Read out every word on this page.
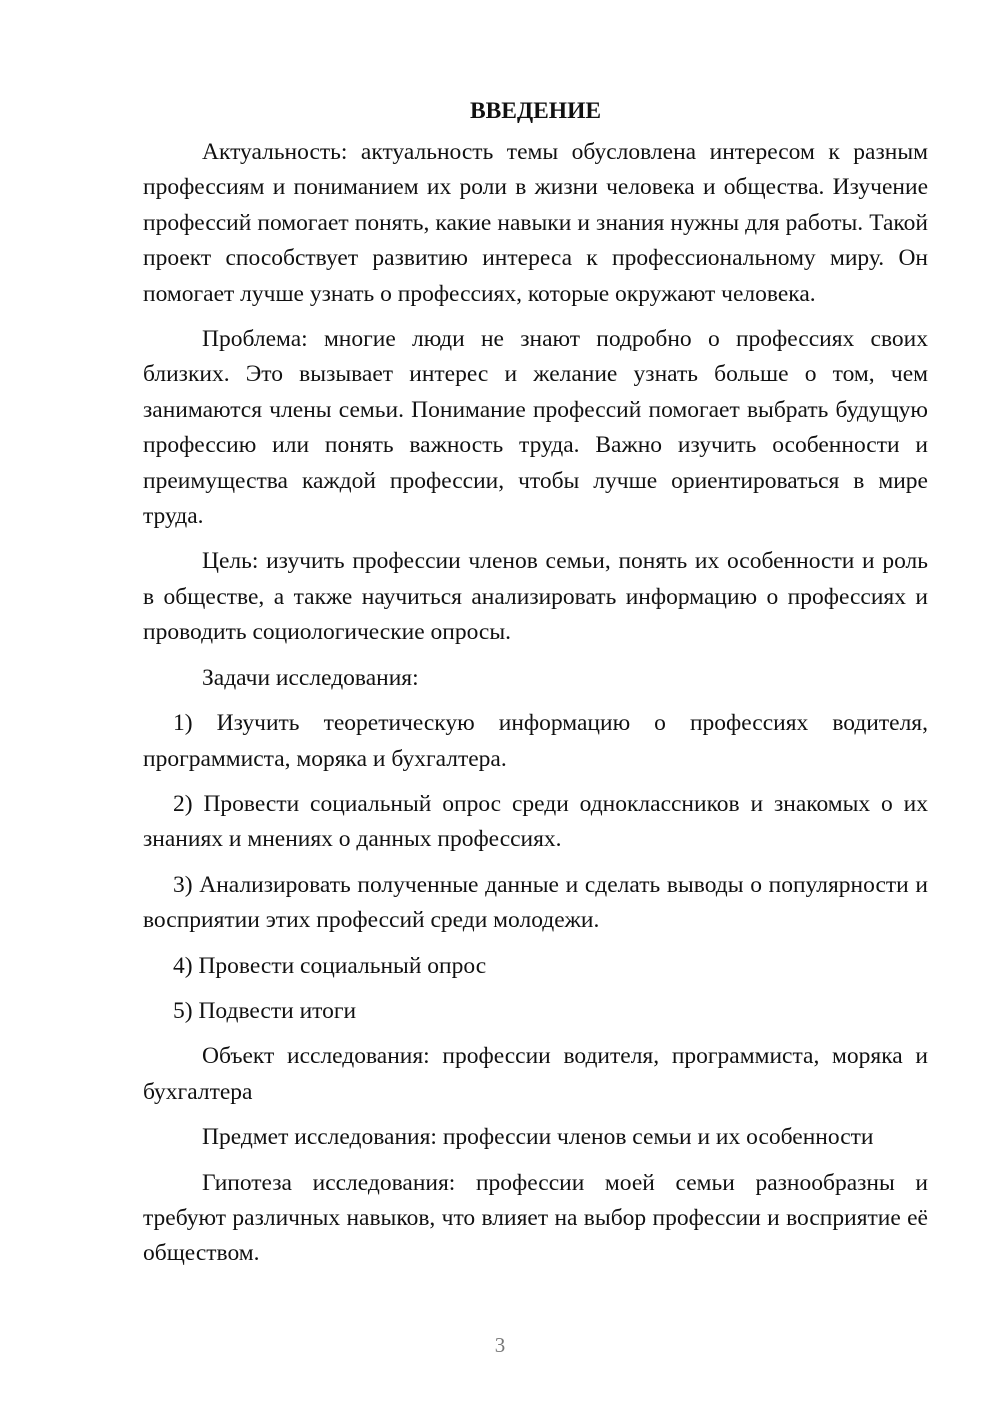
ВВЕДЕНИЕ

Актуальность: актуальность темы обусловлена интересом к разным профессиям и пониманием их роли в жизни человека и общества. Изучение профессий помогает понять, какие навыки и знания нужны для работы. Такой проект способствует развитию интереса к профессиональному миру. Он помогает лучше узнать о профессиях, которые окружают человека.

Проблема: многие люди не знают подробно о профессиях своих близких. Это вызывает интерес и желание узнать больше о том, чем занимаются члены семьи. Понимание профессий помогает выбрать будущую профессию или понять важность труда. Важно изучить особенности и преимущества каждой профессии, чтобы лучше ориентироваться в мире труда.

Цель: изучить профессии членов семьи, понять их особенности и роль в обществе, а также научиться анализировать информацию о профессиях и проводить социологические опросы.

Задачи исследования:

1) Изучить теоретическую информацию о профессиях водителя, программиста, моряка и бухгалтера.

2) Провести социальный опрос среди одноклассников и знакомых о их знаниях и мнениях о данных профессиях.

3) Анализировать полученные данные и сделать выводы о популярности и восприятии этих профессий среди молодежи.

4) Провести социальный опрос

5) Подвести итоги

Объект исследования: профессии водителя, программиста, моряка и бухгалтера

Предмет исследования: профессии членов семьи и их особенности

Гипотеза исследования: профессии моей семьи разнообразны и требуют различных навыков, что влияет на выбор профессии и восприятие её обществом.

3
